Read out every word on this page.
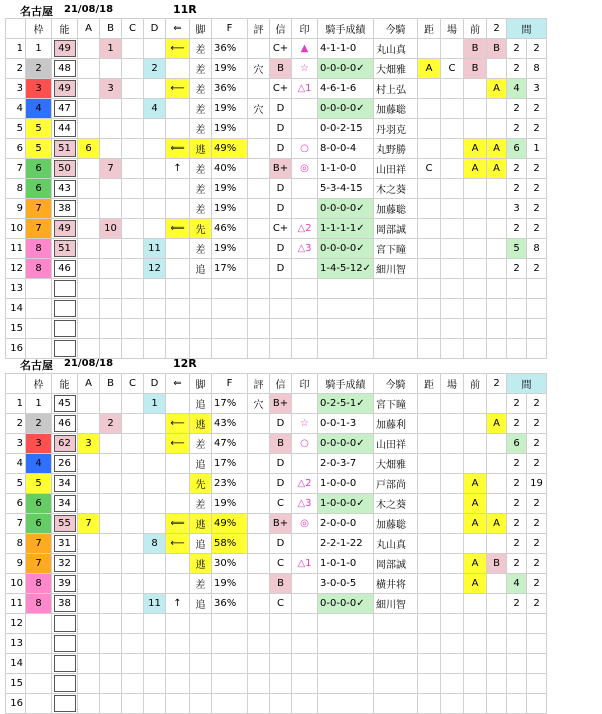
名古屋 21/08/18	11R
	枠	能	A	B	C	D	⇐	脚	F	評	信	印	騎手成績	今騎	距	場	前	2	間	
1	1	49		1			⟵	差	36%		C+	▲	4-1-1-0	丸山真			B	B	2	2
2	2	48				2		差	19%	穴	B	☆	0-0-0-0✓	大畑雅	A	C	B		2	8
3	3	49		3			⟵	差	36%		C+	△1	4-6-1-6	村上弘				A	4	3
4	4	47				4		差	19%	穴	D		0-0-0-0✓	加藤聡					2	2
5	5	44						差	19%		D		0-0-2-15	丹羽克					2	2
6	5	51	6				⟸	逃	49%		D	○	8-0-0-4	丸野勝			A	A	6	1
7	6	50		7			↑	差	40%		B+	◎	1-1-0-0	山田祥	C		A	A	2	2
8	6	43						差	19%		D		5-3-4-15	木之葵					2	2
9	7	38						差	19%		D		0-0-0-0✓	加藤聡					3	2
10	7	49		10			⟸	先	46%		C+	△2	1-1-1-1✓	岡部誠					2	2
11	8	51				11		差	19%		D	△3	0-0-0-0✓	宮下瞳					5	8
12	8	46				12		追	17%		D		1-4-5-12✓	細川智					2	2
13		

14		

15		

16		

名古屋 21/08/18	12R
	枠	能	A	B	C	D	⇐	脚	F	評	信	印	騎手成績	今騎	距	場	前	2	間	
1	1	45				1		追	17%	穴	B+		0-2-5-1✓	宮下瞳					2	2
2	2	46		2			⟵	逃	43%		D	☆	0-0-1-3	加藤利				A	2	2
3	3	62	3				⟵	差	47%		B	○	0-0-0-0✓	山田祥					6	2
4	4	26						追	17%		D		2-0-3-7	大畑雅					2	2
5	5	34						先	23%		D	△2	1-0-0-0	戸部尚			A		2	19
6	6	34						差	19%		C	△3	1-0-0-0✓	木之葵			A		2	2
7	6	55	7				⟸	逃	49%		B+	◎	2-0-0-0	加藤聡			A	A	2	2
8	7	31				8	⟵	追	58%		D		2-2-1-22	丸山真					2	2
9	7	32						逃	30%		C	△1	1-0-1-0	岡部誠			A	B	2	2
10	8	39						差	19%		B		3-0-0-5	横井将			A		4	2
11	8	38				11	↑	追	36%		C		0-0-0-0✓	細川智					2	2
12		

13		

14		

15		

16		
